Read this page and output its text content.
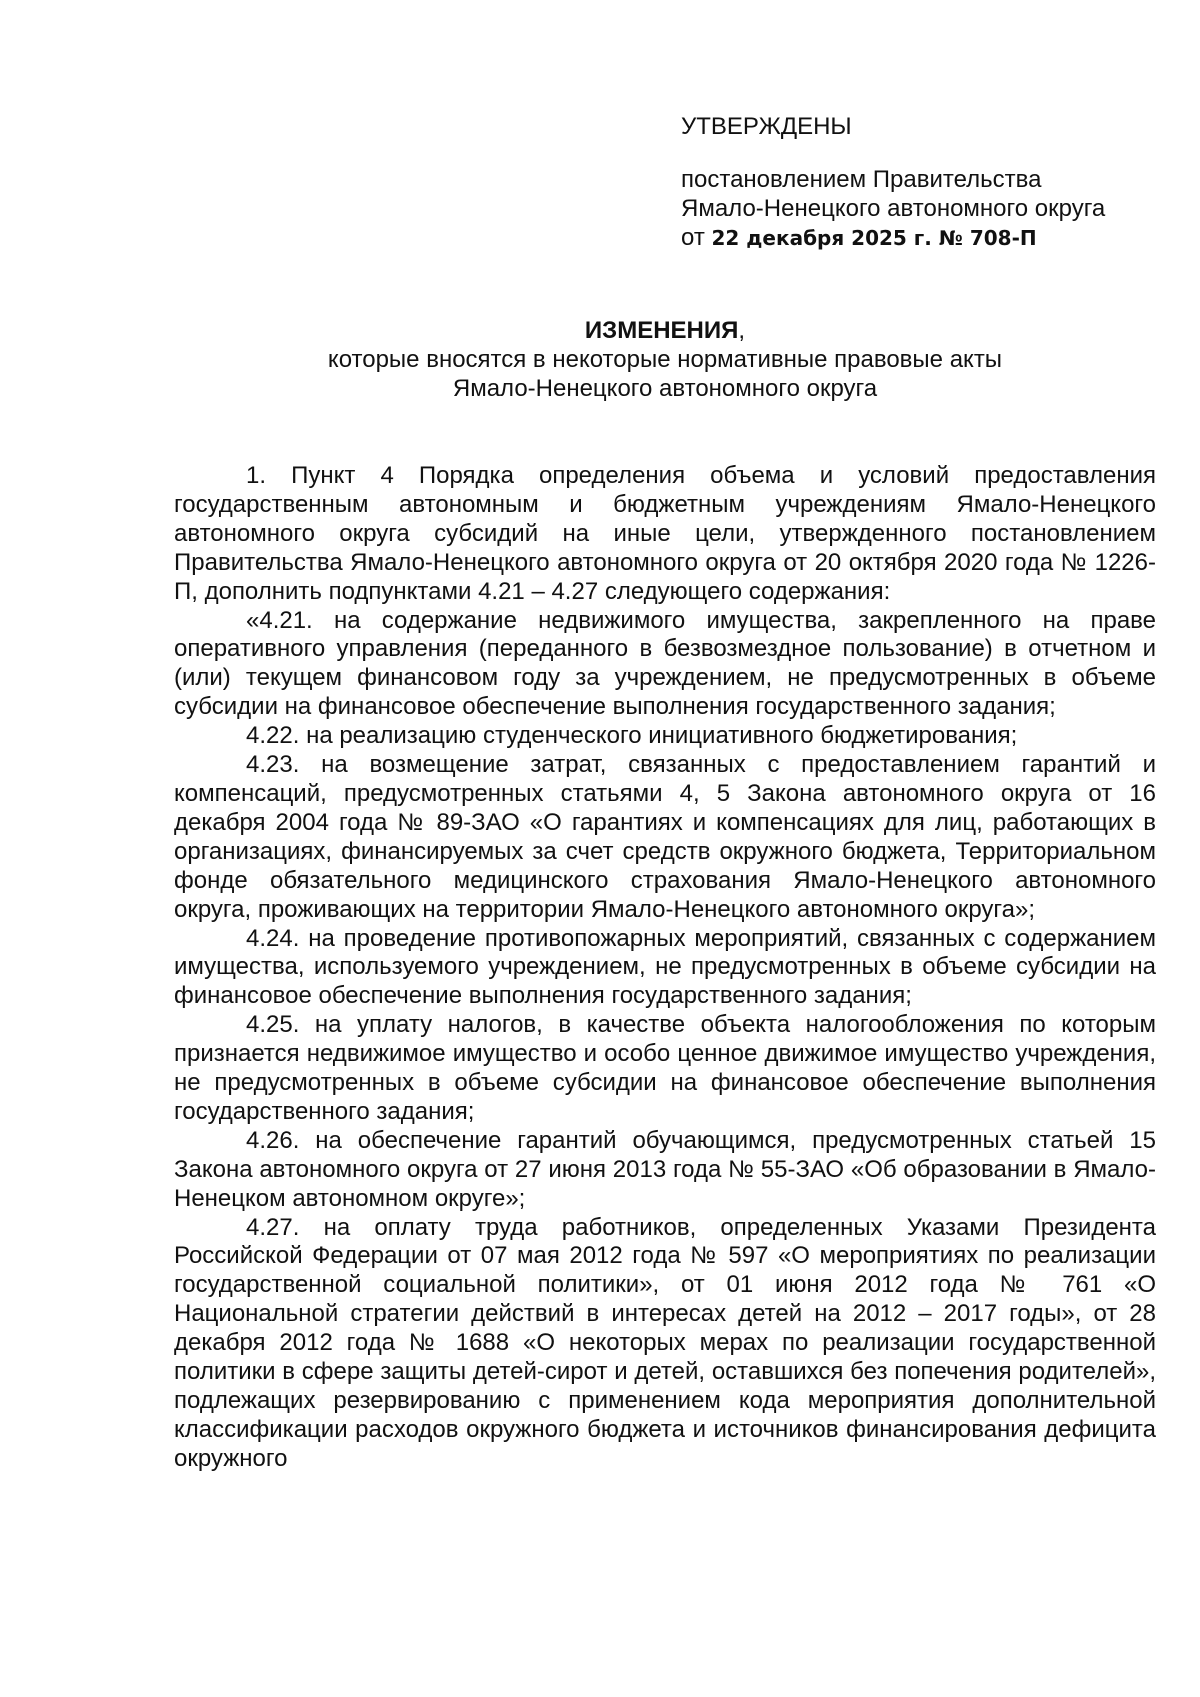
УТВЕРЖДЕНЫ
постановлением Правительства
Ямало-Ненецкого автономного округа
от 22 декабря 2025 г. № 708-П
ИЗМЕНЕНИЯ,
которые вносятся в некоторые нормативные правовые акты
Ямало-Ненецкого автономного округа

1. Пункт 4 Порядка определения объема и условий предоставления государственным автономным и бюджетным учреждениям Ямало-Ненецкого автономного округа субсидий на иные цели, утвержденного постановлением Правительства Ямало-Ненецкого автономного округа от 20 октября 2020 года № 1226-П, дополнить подпунктами 4.21 – 4.27 следующего содержания:

«4.21. на содержание недвижимого имущества, закрепленного на праве оперативного управления (переданного в безвозмездное пользование) в отчетном и (или) текущем финансовом году за учреждением, не предусмотренных в объеме субсидии на финансовое обеспечение выполнения государственного задания;

4.22. на реализацию студенческого инициативного бюджетирования;

4.23. на возмещение затрат, связанных с предоставлением гарантий и компенсаций, предусмотренных статьями 4, 5 Закона автономного округа от 16 декабря 2004 года № 89-ЗАО «О гарантиях и компенсациях для лиц, работающих в организациях, финансируемых за счет средств окружного бюджета, Территориальном фонде обязательного медицинского страхования Ямало-Ненецкого автономного округа, проживающих на территории Ямало-Ненецкого автономного округа»;

4.24. на проведение противопожарных мероприятий, связанных с содержанием имущества, используемого учреждением, не предусмотренных в объеме субсидии на финансовое обеспечение выполнения государственного задания;

4.25. на уплату налогов, в качестве объекта налогообложения по которым признается недвижимое имущество и особо ценное движимое имущество учреждения, не предусмотренных в объеме субсидии на финансовое обеспечение выполнения государственного задания;

4.26. на обеспечение гарантий обучающимся, предусмотренных статьей 15 Закона автономного округа от 27 июня 2013 года № 55-ЗАО «Об образовании в Ямало-Ненецком автономном округе»;

4.27. на оплату труда работников, определенных Указами Президента Российской Федерации от 07 мая 2012 года № 597 «О мероприятиях по реализации государственной социальной политики», от 01 июня 2012 года № 761 «О Национальной стратегии действий в интересах детей на 2012 – 2017 годы», от 28 декабря 2012 года № 1688 «О некоторых мерах по реализации государственной политики в сфере защиты детей-сирот и детей, оставшихся без попечения родителей», подлежащих резервированию с применением кода мероприятия дополнительной классификации расходов окружного бюджета и источников финансирования дефицита окружного
